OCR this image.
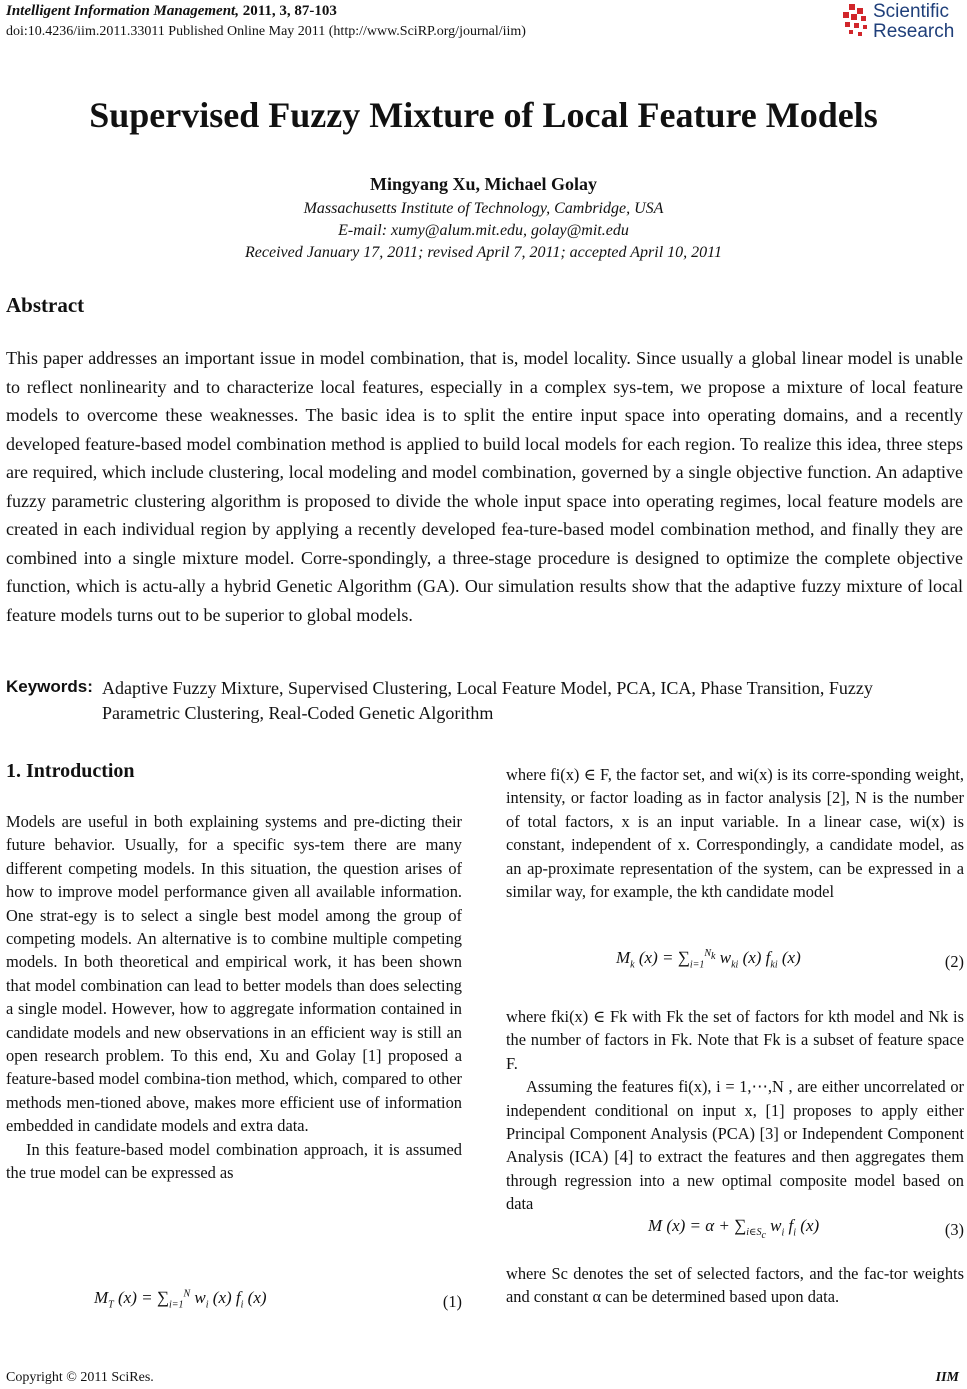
Intelligent Information Management, 2011, 3, 87-103
doi:10.4236/iim.2011.33011 Published Online May 2011 (http://www.SciRP.org/journal/iim)
Scientific
Research
Supervised Fuzzy Mixture of Local Feature Models
Mingyang Xu, Michael Golay
Massachusetts Institute of Technology, Cambridge, USA
E-mail: xumy@alum.mit.edu, golay@mit.edu
Received January 17, 2011; revised April 7, 2011; accepted April 10, 2011
Abstract
This paper addresses an important issue in model combination, that is, model locality. Since usually a global linear model is unable to reflect nonlinearity and to characterize local features, especially in a complex sys-tem, we propose a mixture of local feature models to overcome these weaknesses. The basic idea is to split the entire input space into operating domains, and a recently developed feature-based model combination method is applied to build local models for each region. To realize this idea, three steps are required, which include clustering, local modeling and model combination, governed by a single objective function. An adaptive fuzzy parametric clustering algorithm is proposed to divide the whole input space into operating regimes, local feature models are created in each individual region by applying a recently developed fea-ture-based model combination method, and finally they are combined into a single mixture model. Corre-spondingly, a three-stage procedure is designed to optimize the complete objective function, which is actu-ally a hybrid Genetic Algorithm (GA). Our simulation results show that the adaptive fuzzy mixture of local feature models turns out to be superior to global models.
Keywords: Adaptive Fuzzy Mixture, Supervised Clustering, Local Feature Model, PCA, ICA, Phase Transition, Fuzzy Parametric Clustering, Real-Coded Genetic Algorithm
1. Introduction

Models are useful in both explaining systems and pre-dicting their future behavior. Usually, for a specific sys-tem there are many different competing models. In this situation, the question arises of how to improve model performance given all available information. One strat-egy is to select a single best model among the group of competing models. An alternative is to combine multiple competing models. In both theoretical and empirical work, it has been shown that model combination can lead to better models than does selecting a single model. However, how to aggregate information contained in candidate models and new observations in an efficient way is still an open research problem. To this end, Xu and Golay [1] proposed a feature-based model combina-tion method, which, compared to other methods men-tioned above, makes more efficient use of information embedded in candidate models and extra data.

In this feature-based model combination approach, it is assumed the true model can be expressed as

$M_T$ $(x) = \sum_{i=1}^N$ $w_i$ (x) $f_i$ (x)	(1)

where fi(x) ∈ F, the factor set, and wi(x) is its corre-sponding weight, intensity, or factor loading as in factor analysis [2], N is the number of total factors, x is an input variable. In a linear case, wi(x) is constant, independent of x. Correspondingly, a candidate model, as an ap-proximate representation of the system, can be expressed in a similar way, for example, the kth candidate model

$M_k$ $(x) = \sum_{i=1}^{N_k}$ $w_{ki}$ (x) $f_{ki}$ (x)	(2)

where fki(x) ∈ Fk with Fk the set of factors for kth model and Nk is the number of factors in Fk. Note that Fk is a subset of feature space F.

Assuming the features fi(x), i = 1,⋯,N , are either uncorrelated or independent conditional on input x, [1] proposes to apply either Principal Component Analysis (PCA) [3] or Independent Component Analysis (ICA) [4] to extract the features and then aggregates them through regression into a new optimal composite model based on data

M $(x) = \alpha + \sum_{i\in S_c}$ $w_i$ $f_i$ (x)	(3)

where Sc denotes the set of selected factors, and the fac-tor weights and constant α can be determined based upon data.

Copyright © 2011 SciRes.	IIM
